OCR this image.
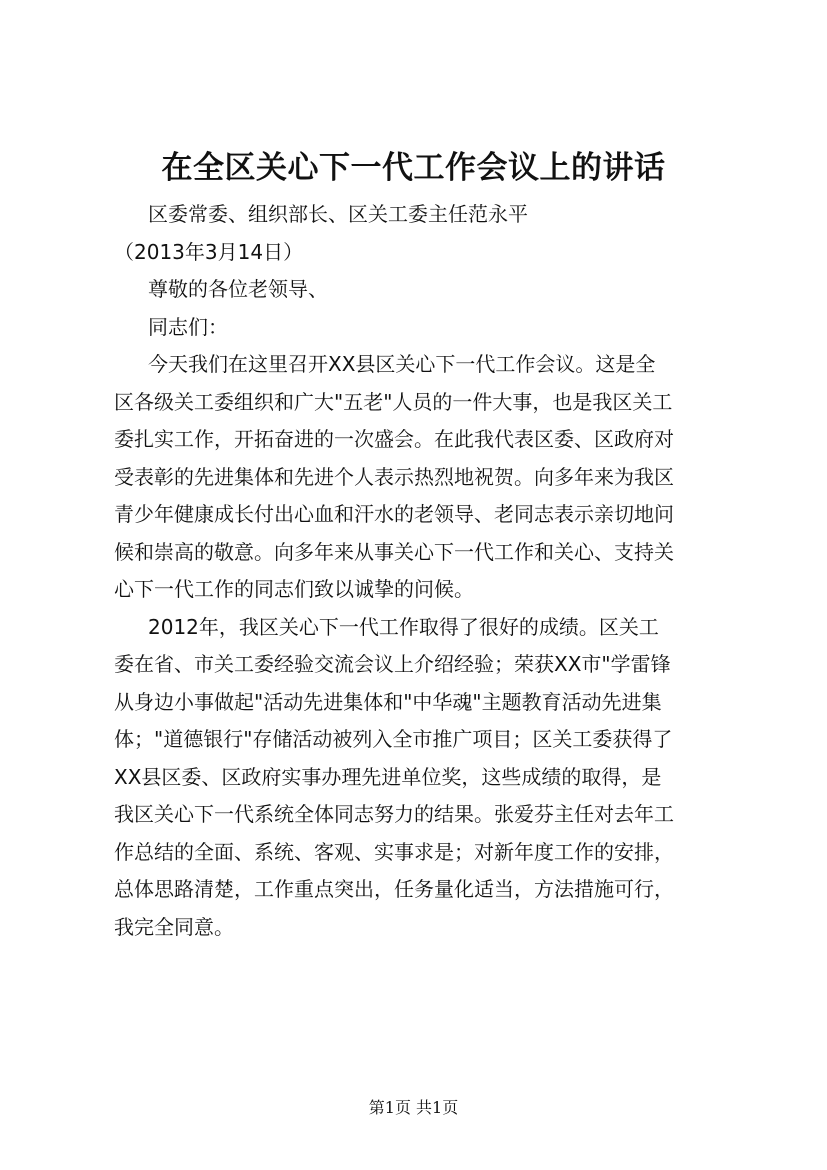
在全区关心下一代工作会议上的讲话

区委常委、组织部长、区关工委主任范永平

（2013年3月14日）

尊敬的各位老领导、

同志们：

今天我们在这里召开XX县区关心下一代工作会议。这是全

区各级关工委组织和广大"五老"人员的一件大事，也是我区关工

委扎实工作，开拓奋进的一次盛会。在此我代表区委、区政府对

受表彰的先进集体和先进个人表示热烈地祝贺。向多年来为我区

青少年健康成长付出心血和汗水的老领导、老同志表示亲切地问

候和崇高的敬意。向多年来从事关心下一代工作和关心、支持关

心下一代工作的同志们致以诚挚的问候。

2012年，我区关心下一代工作取得了很好的成绩。区关工

委在省、市关工委经验交流会议上介绍经验；荣获XX市"学雷锋

从身边小事做起"活动先进集体和"中华魂"主题教育活动先进集

体；"道德银行"存储活动被列入全市推广项目；区关工委获得了

XX县区委、区政府实事办理先进单位奖，这些成绩的取得，是

我区关心下一代系统全体同志努力的结果。张爱芬主任对去年工

作总结的全面、系统、客观、实事求是；对新年度工作的安排，

总体思路清楚，工作重点突出，任务量化适当，方法措施可行，

我完全同意。

第1页 共1页
